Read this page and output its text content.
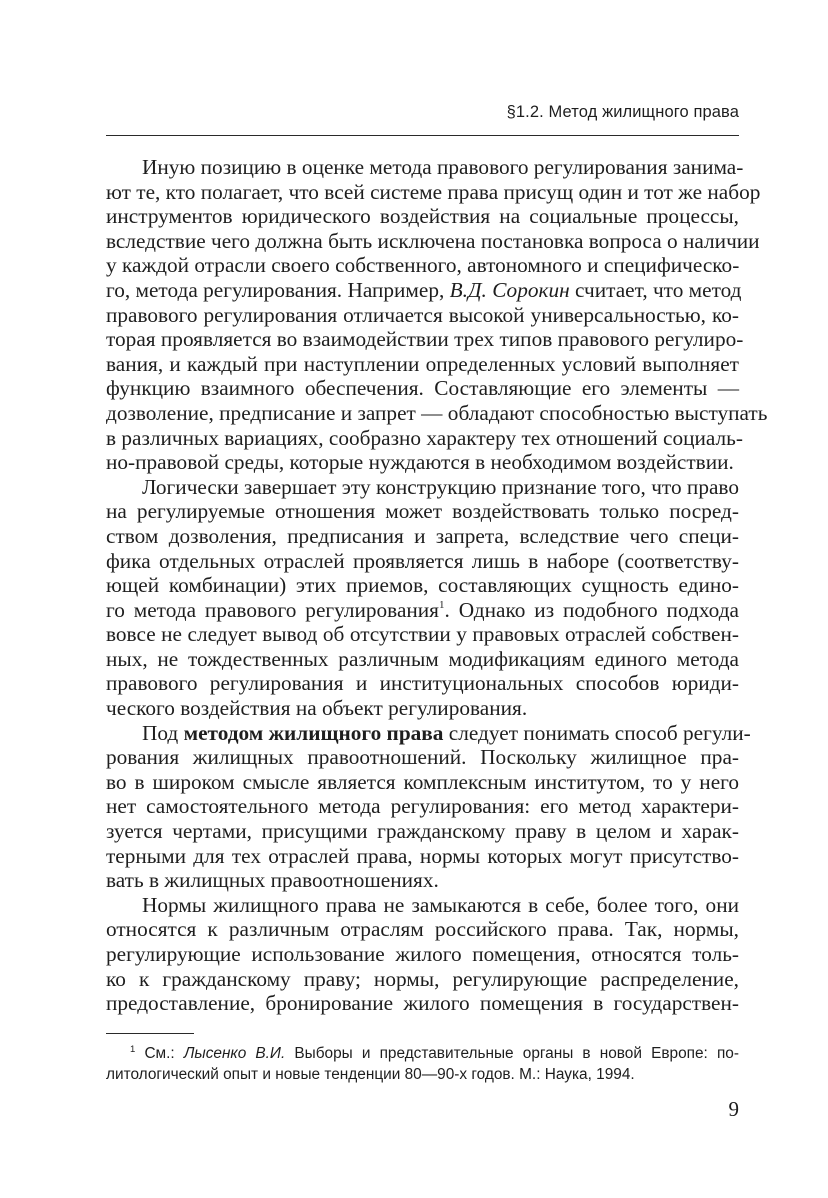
§1.2. Метод жилищного права

Иную позицию в оценке метода правового регулирования занима-
ют те, кто полагает, что всей системе права присущ один и тот же набор
инструментов юридического воздействия на социальные процессы,
вследствие чего должна быть исключена постановка вопроса о наличии
у каждой отрасли своего собственного, автономного и специфическо-
го, метода регулирования. Например, В.Д. Сорокин считает, что метод
правового регулирования отличается высокой универсальностью, ко-
торая проявляется во взаимодействии трех типов правового регулиро-
вания, и каждый при наступлении определенных условий выполняет
функцию взаимного обеспечения. Составляющие его элементы —
дозволение, предписание и запрет — обладают способностью выступать
в различных вариациях, сообразно характеру тех отношений социаль-
но-правовой среды, которые нуждаются в необходимом воздействии.

Логически завершает эту конструкцию признание того, что право
на регулируемые отношения может воздействовать только посред-
ством дозволения, предписания и запрета, вследствие чего специ-
фика отдельных отраслей проявляется лишь в наборе (соответству-
ющей комбинации) этих приемов, составляющих сущность едино-
го метода правового регулирования$^1$. Однако из подобного подхода
вовсе не следует вывод об отсутствии у правовых отраслей собствен-
ных, не тождественных различным модификациям единого метода
правового регулирования и институциональных способов юриди-
ческого воздействия на объект регулирования.

Под методом жилищного права следует понимать способ регули-
рования жилищных правоотношений. Поскольку жилищное пра-
во в широком смысле является комплексным институтом, то у него
нет самостоятельного метода регулирования: его метод характери-
зуется чертами, присущими гражданскому праву в целом и харак-
терными для тех отраслей права, нормы которых могут присутство-
вать в жилищных правоотношениях.

Нормы жилищного права не замыкаются в себе, более того, они
относятся к различным отраслям российского права. Так, нормы,
регулирующие использование жилого помещения, относятся толь-
ко к гражданскому праву; нормы, регулирующие распределение,
предоставление, бронирование жилого помещения в государствен-

$^1$ См.: Лысенко В.И. Выборы и представительные органы в новой Европе: по-
литологический опыт и новые тенденции 80—90-х годов. М.: Наука, 1994.
9
